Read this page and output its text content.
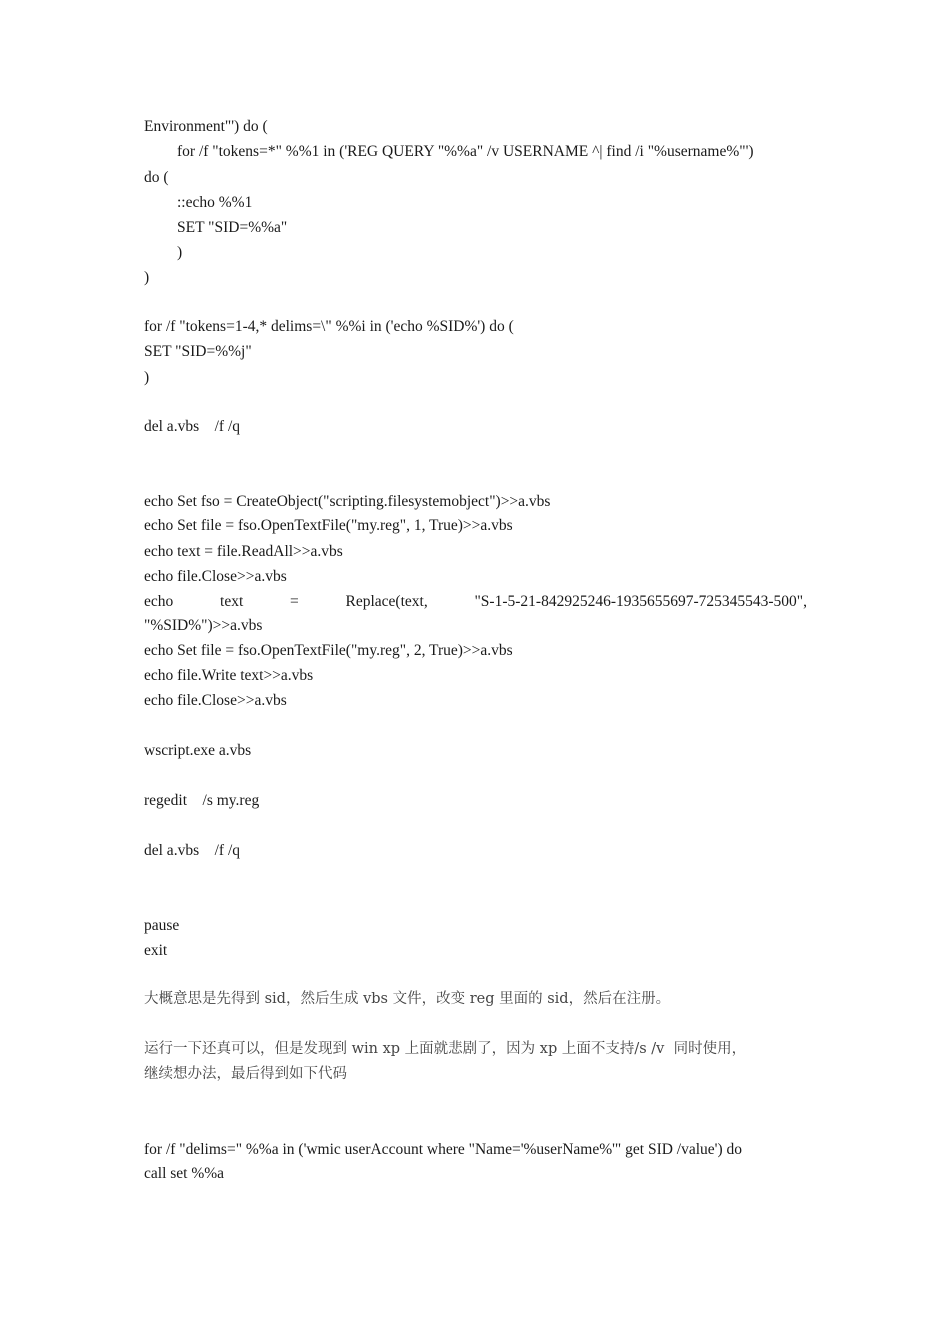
Environment"') do (
for /f "tokens=*" %%1 in ('REG QUERY "%%a" /v USERNAME ^| find /i "%username%"')
do (
::echo %%1
SET "SID=%%a"
)
)
for /f "tokens=1-4,* delims=\" %%i in ('echo %SID%') do (
SET "SID=%%j"
)
del a.vbs    /f /q
echo Set fso = CreateObject("scripting.filesystemobject")>>a.vbs
echo Set file = fso.OpenTextFile("my.reg", 1, True)>>a.vbs
echo text = file.ReadAll>>a.vbs
echo file.Close>>a.vbs
echo	text	=	Replace(text,	"S-1-5-21-842925246-1935655697-725345543-500",
"%SID%")>>a.vbs
echo Set file = fso.OpenTextFile("my.reg", 2, True)>>a.vbs
echo file.Write text>>a.vbs
echo file.Close>>a.vbs
wscript.exe a.vbs
regedit    /s my.reg
del a.vbs    /f /q
pause
exit
大概意思是先得到 sid，然后生成 vbs 文件，改变 reg 里面的 sid，然后在注册。
运行一下还真可以，但是发现到 win xp 上面就悲剧了，因为 xp 上面不支持/s /v  同时使用，
继续想办法，最后得到如下代码
for /f "delims=" %%a in ('wmic userAccount where "Name='%userName%'" get SID /value') do
call set %%a
